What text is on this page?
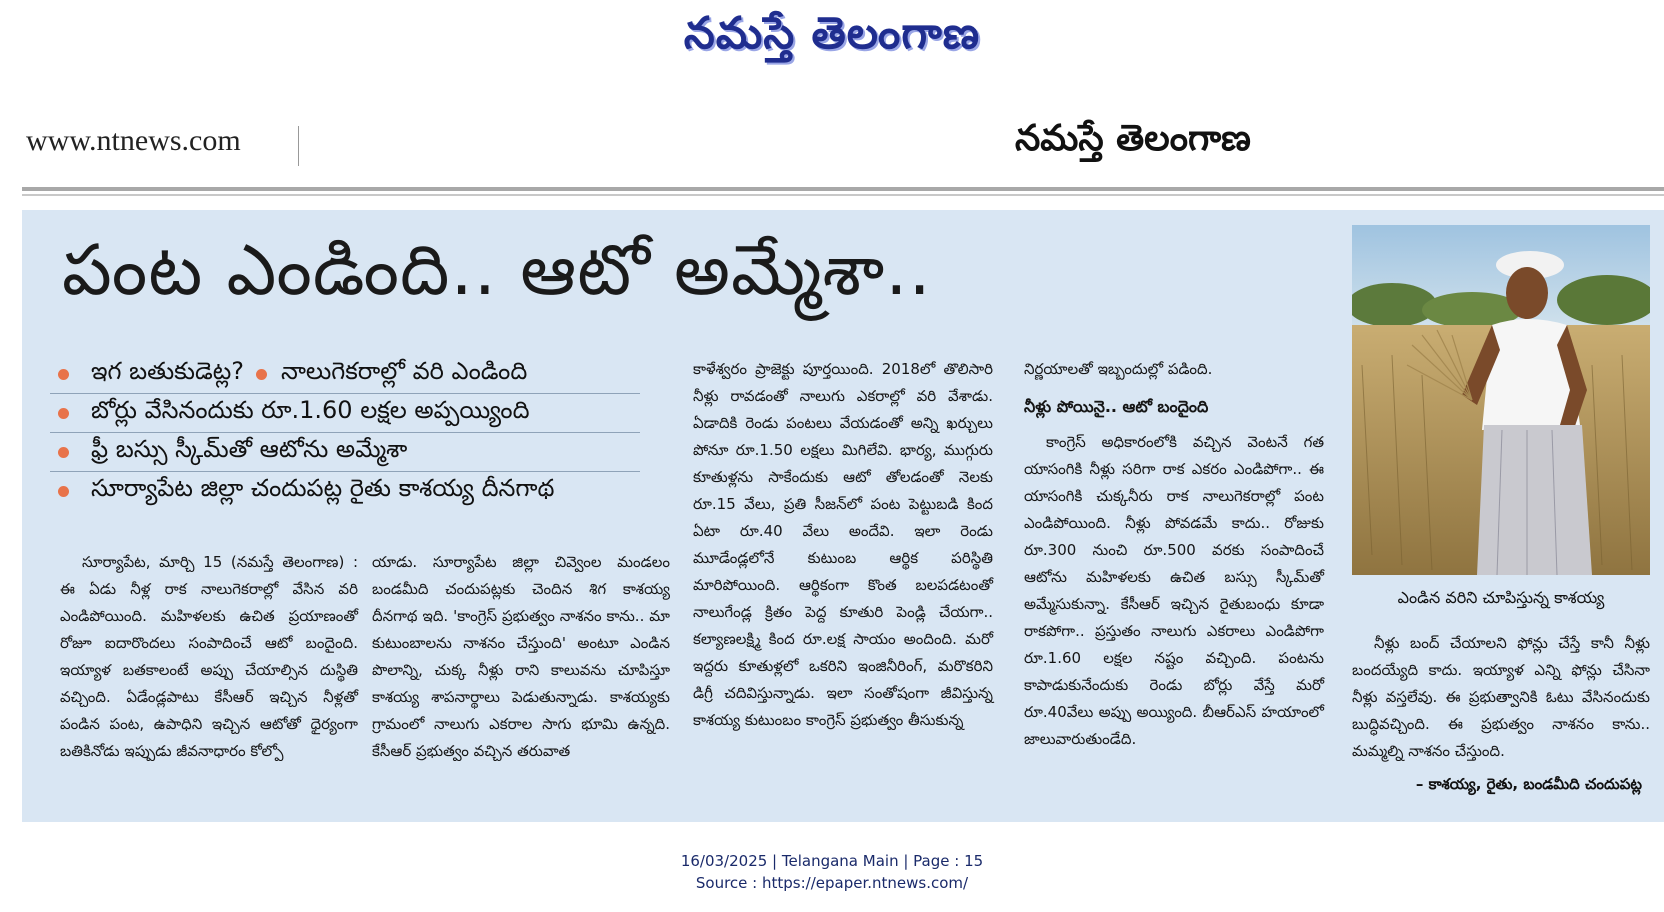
నమస్తే తెలంగాణ
www.ntnews.com	నమస్తే తెలంగాణ
పంట ఎండింది.. ఆటో అమ్మేశా..
ఇగ బతుకుడెట్ల? నాలుగెకరాల్లో వరి ఎండింది
బోర్లు వేసినందుకు రూ.1.60 లక్షల అప్పయ్యింది
ఫ్రీ బస్సు స్కీమ్‌తో ఆటోను అమ్మేశా
సూర్యాపేట జిల్లా చందుపట్ల రైతు కాశయ్య దీనగాథ

సూర్యాపేట, మార్చి 15 (నమస్తే తెలంగాణ) : ఈ ఏడు నీళ్ల రాక నాలుగెకరాల్లో వేసిన వరి ఎండిపోయింది. మహిళలకు ఉచిత ప్రయాణంతో రోజూ ఐదారొందలు సంపాదించే ఆటో బందైంది. ఇయ్యాళ బతకాలంటే అప్పు చేయాల్సిన దుస్థితి వచ్చింది. ఏడేండ్లపాటు కేసీఆర్ ఇచ్చిన నీళ్లతో పండిన పంట, ఉపాధిని ఇచ్చిన ఆటోతో ధైర్యంగా బతికినోడు ఇప్పుడు జీవనాధారం కోల్పో

యాడు. సూర్యాపేట జిల్లా చివ్వెంల మండలం బండమీది చందుపట్లకు చెందిన శిగ కాశయ్య దీనగాథ ఇది. 'కాంగ్రెస్ ప్రభుత్వం నాశనం కాను.. మా కుటుంబాలను నాశనం చేస్తుంది' అంటూ ఎండిన పొలాన్ని, చుక్క నీళ్లు రాని కాలువను చూపిస్తూ కాశయ్య శాపనార్థాలు పెడుతున్నాడు. కాశయ్యకు గ్రామంలో నాలుగు ఎకరాల సాగు భూమి ఉన్నది. కేసీఆర్ ప్రభుత్వం వచ్చిన తరువాత

కాళేశ్వరం ప్రాజెక్టు పూర్తయింది. 2018లో తొలిసారి నీళ్లు రావడంతో నాలుగు ఎకరాల్లో వరి వేశాడు. ఏడాదికి రెండు పంటలు వేయడంతో అన్ని ఖర్చులు పోనూ రూ.1.50 లక్షలు మిగిలేవి. భార్య, ముగ్గురు కూతుళ్లను సాకేందుకు ఆటో తోలడంతో నెలకు రూ.15 వేలు, ప్రతి సీజన్‌లో పంట పెట్టుబడి కింద ఏటా రూ.40 వేలు అందేవి. ఇలా రెండు మూడేండ్లలోనే కుటుంబ ఆర్థిక పరిస్థితి మారిపోయింది. ఆర్థికంగా కొంత బలపడటంతో నాలుగేండ్ల క్రితం పెద్ద కూతురి పెండ్లి చేయగా.. కల్యాణలక్ష్మి కింద రూ.లక్ష సాయం అందింది. మరో ఇద్దరు కూతుళ్లలో ఒకరిని ఇంజినీరింగ్, మరొకరిని డిగ్రీ చదివిస్తున్నాడు. ఇలా సంతోషంగా జీవిస్తున్న కాశయ్య కుటుంబం కాంగ్రెస్ ప్రభుత్వం తీసుకున్న

నిర్ణయాలతో ఇబ్బందుల్లో పడింది.

నీళ్లు పోయినై.. ఆటో బందైంది

కాంగ్రెస్ అధికారంలోకి వచ్చిన వెంటనే గత యాసంగికి నీళ్లు సరిగా రాక ఎకరం ఎండిపోగా.. ఈ యాసంగికి చుక్కనీరు రాక నాలుగెకరాల్లో పంట ఎండిపోయింది. నీళ్లు పోవడమే కాదు.. రోజుకు రూ.300 నుంచి రూ.500 వరకు సంపాదించే ఆటోను మహిళలకు ఉచిత బస్సు స్కీమ్‌తో అమ్మేసుకున్నా. కేసీఆర్ ఇచ్చిన రైతుబంధు కూడా రాకపోగా.. ప్రస్తుతం నాలుగు ఎకరాలు ఎండిపోగా రూ.1.60 లక్షల నష్టం వచ్చింది. పంటను కాపాడుకునేందుకు రెండు బోర్లు వేస్తే మరో రూ.40వేలు అప్పు అయ్యింది. బీఆర్ఎస్ హయాంలో జాలువారుతుండేది.

ఎండిన వరిని చూపిస్తున్న కాశయ్య

నీళ్లు బంద్ చేయాలని ఫోన్లు చేస్తే కానీ నీళ్లు బందయ్యేది కాదు. ఇయ్యాళ ఎన్ని ఫోన్లు చేసినా నీళ్లు వస్తలేవు. ఈ ప్రభుత్వానికి ఓటు వేసినందుకు బుద్ధివచ్చింది. ఈ ప్రభుత్వం నాశనం కాను.. మమ్మల్ని నాశనం చేస్తుంది.

– కాశయ్య, రైతు, బండమీది చందుపట్ల
16/03/2025 | Telangana Main | Page : 15
Source : https://epaper.ntnews.com/
